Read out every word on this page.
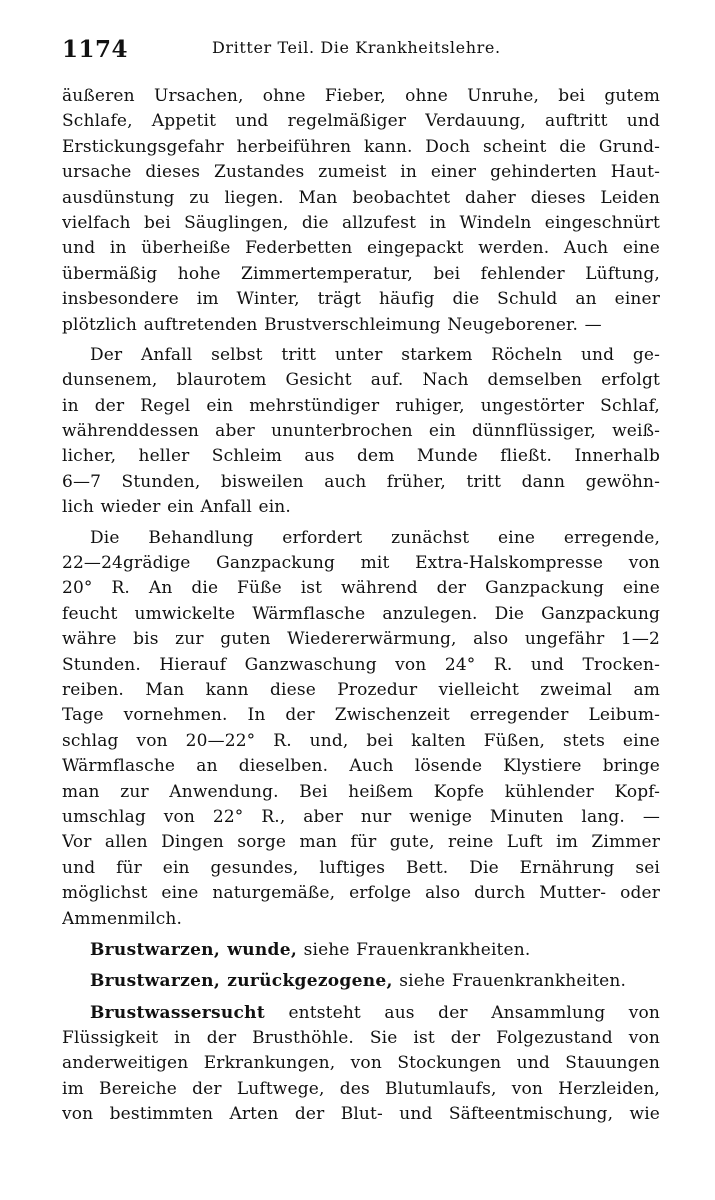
1174	Dritter Teil. Die Krankheitslehre.
äußeren Ursachen, ohne Fieber, ohne Unruhe, bei gutem
Schlafe, Appetit und regelmäßiger Verdauung, auftritt und
Erstickungsgefahr herbeiführen kann. Doch scheint die Grund-
ursache dieses Zustandes zumeist in einer gehinderten Haut-
ausdünstung zu liegen. Man beobachtet daher dieses Leiden
vielfach bei Säuglingen, die allzufest in Windeln eingeschnürt
und in überheiße Federbetten eingepackt werden. Auch eine
übermäßig hohe Zimmertemperatur, bei fehlender Lüftung,
insbesondere im Winter, trägt häufig die Schuld an einer
plötzlich auftretenden Brustverschleimung Neugeborener. —
Der Anfall selbst tritt unter starkem Röcheln und ge-
dunsenem, blaurotem Gesicht auf. Nach demselben erfolgt
in der Regel ein mehrstündiger ruhiger, ungestörter Schlaf,
währenddessen aber ununterbrochen ein dünnflüssiger, weiß-
licher, heller Schleim aus dem Munde fließt. Innerhalb
6—7 Stunden, bisweilen auch früher, tritt dann gewöhn-
lich wieder ein Anfall ein.
Die Behandlung erfordert zunächst eine erregende,
22—24grädige Ganzpackung mit Extra-Halskompresse von
20° R. An die Füße ist während der Ganzpackung eine
feucht umwickelte Wärmflasche anzulegen. Die Ganzpackung
währe bis zur guten Wiedererwärmung, also ungefähr 1—2
Stunden. Hierauf Ganzwaschung von 24° R. und Trocken-
reiben. Man kann diese Prozedur vielleicht zweimal am
Tage vornehmen. In der Zwischenzeit erregender Leibum-
schlag von 20—22° R. und, bei kalten Füßen, stets eine
Wärmflasche an dieselben. Auch lösende Klystiere bringe
man zur Anwendung. Bei heißem Kopfe kühlender Kopf-
umschlag von 22° R., aber nur wenige Minuten lang. —
Vor allen Dingen sorge man für gute, reine Luft im Zimmer
und für ein gesundes, luftiges Bett. Die Ernährung sei
möglichst eine naturgemäße, erfolge also durch Mutter- oder
Ammenmilch.
Brustwarzen, wunde, siehe Frauenkrankheiten.
Brustwarzen, zurückgezogene, siehe Frauenkrankheiten.
Brustwassersucht entsteht aus der Ansammlung von
Flüssigkeit in der Brusthöhle. Sie ist der Folgezustand von
anderweitigen Erkrankungen, von Stockungen und Stauungen
im Bereiche der Luftwege, des Blutumlaufs, von Herzleiden,
von bestimmten Arten der Blut- und Säfteentmischung, wie
